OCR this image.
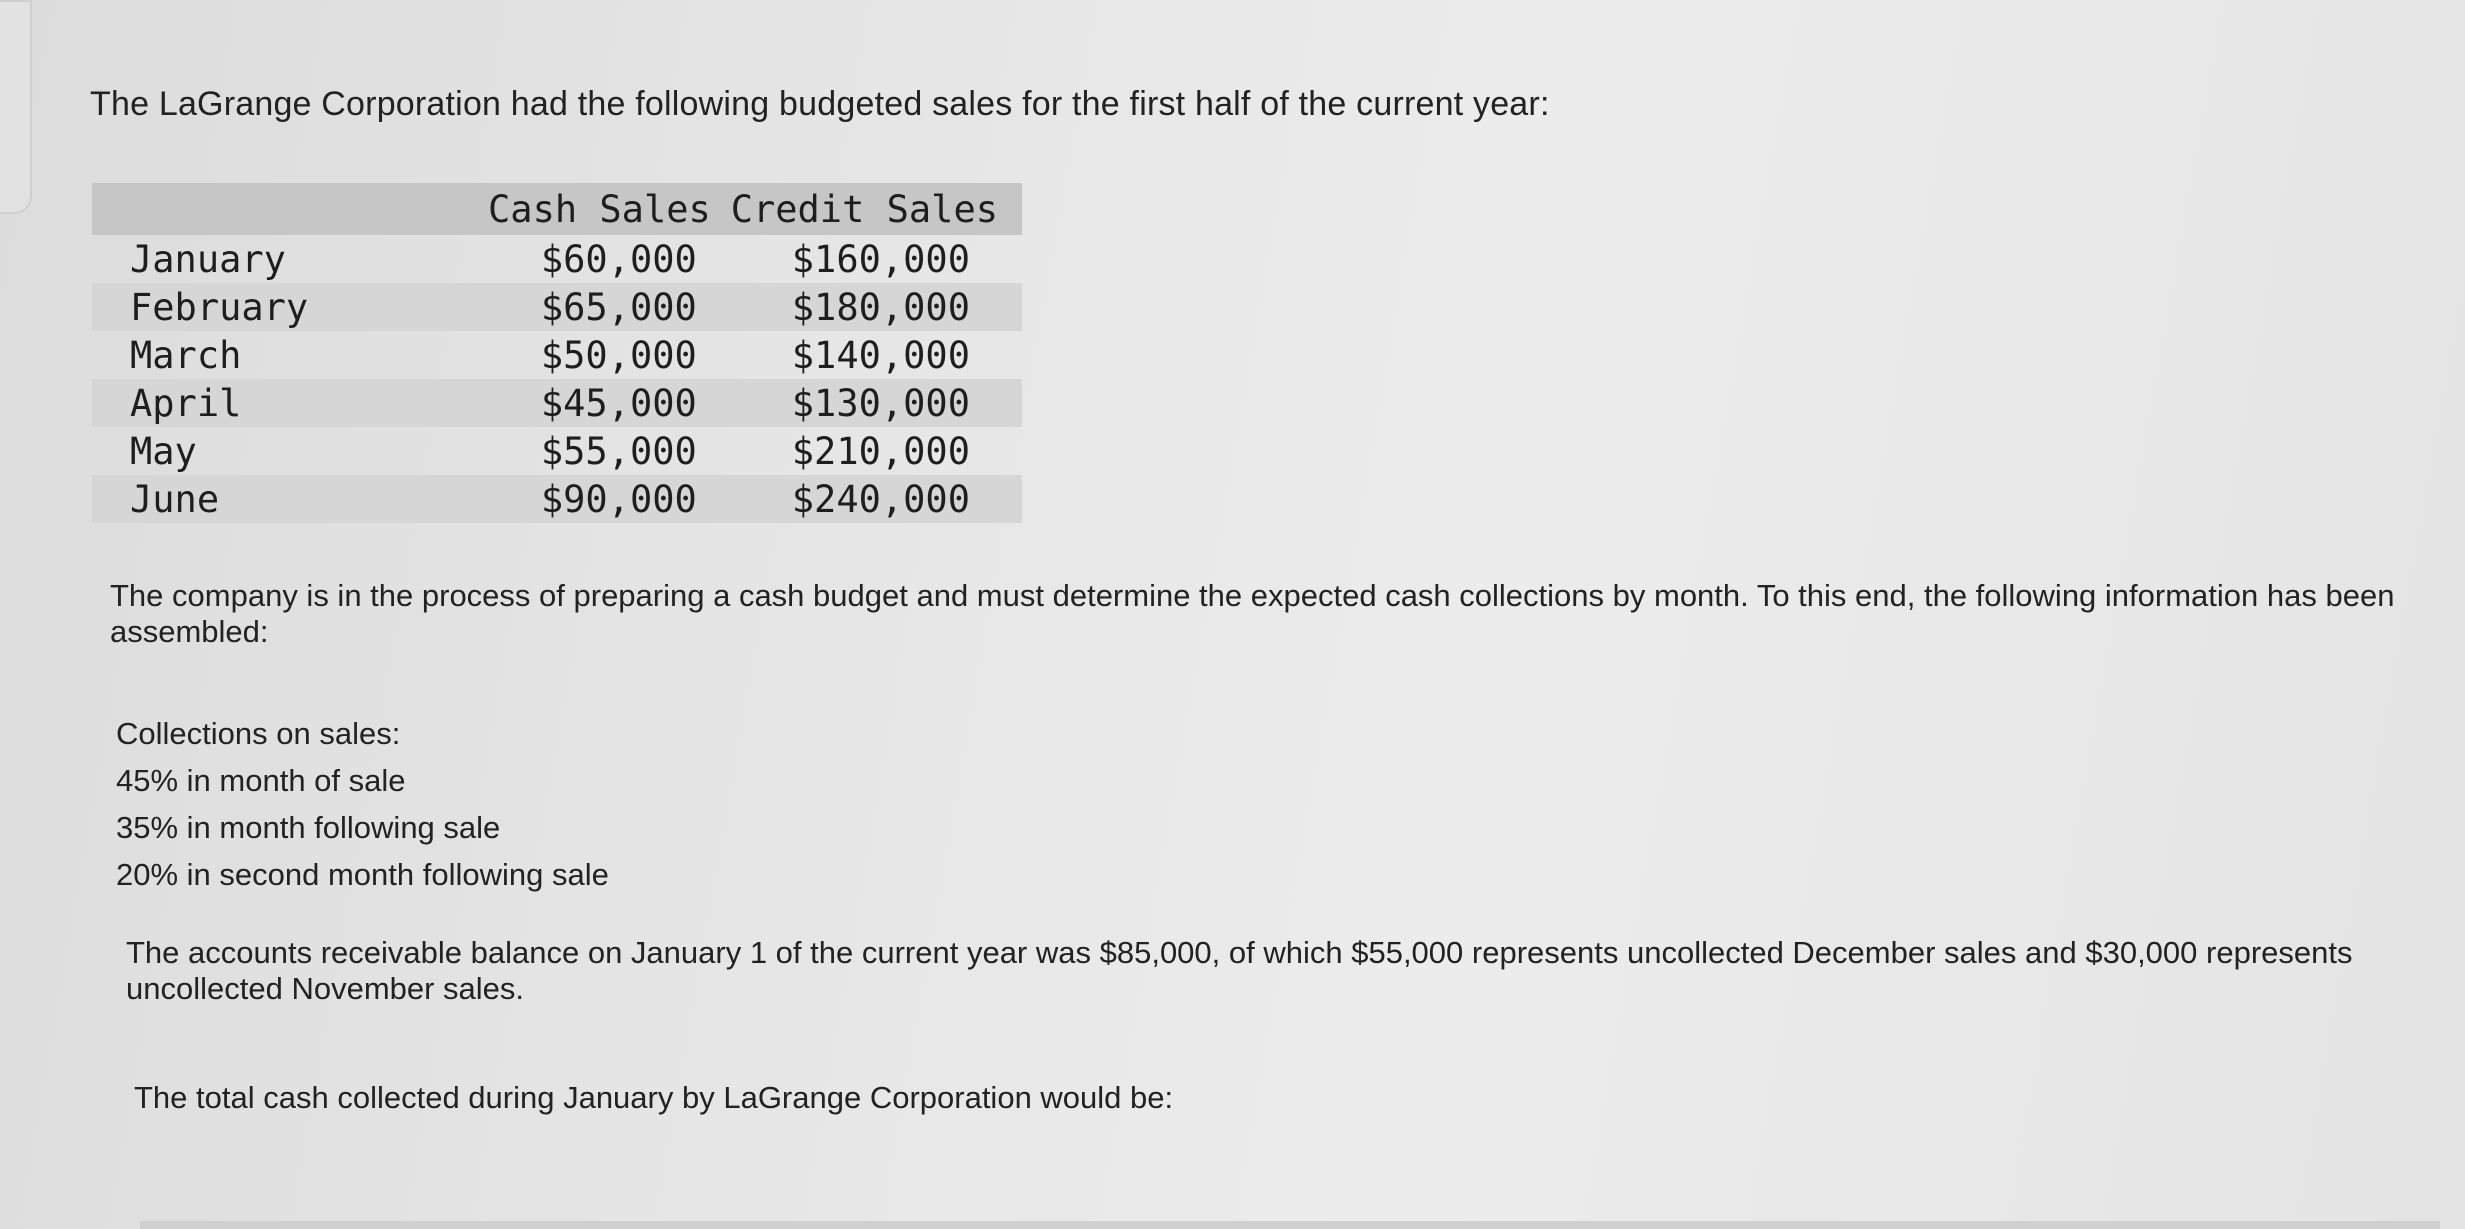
The LaGrange Corporation had the following budgeted sales for the first half of the current year:
	Cash Sales	Credit Sales
January	$60,000	$160,000
February	$65,000	$180,000
March	$50,000	$140,000
April	$45,000	$130,000
May	$55,000	$210,000
June	$90,000	$240,000
The company is in the process of preparing a cash budget and must determine the expected cash collections by month. To this end, the following information has been assembled:
Collections on sales:
45% in month of sale
35% in month following sale
20% in second month following sale
The accounts receivable balance on January 1 of the current year was $85,000, of which $55,000 represents uncollected December sales and $30,000 represents uncollected November sales.
The total cash collected during January by LaGrange Corporation would be:
